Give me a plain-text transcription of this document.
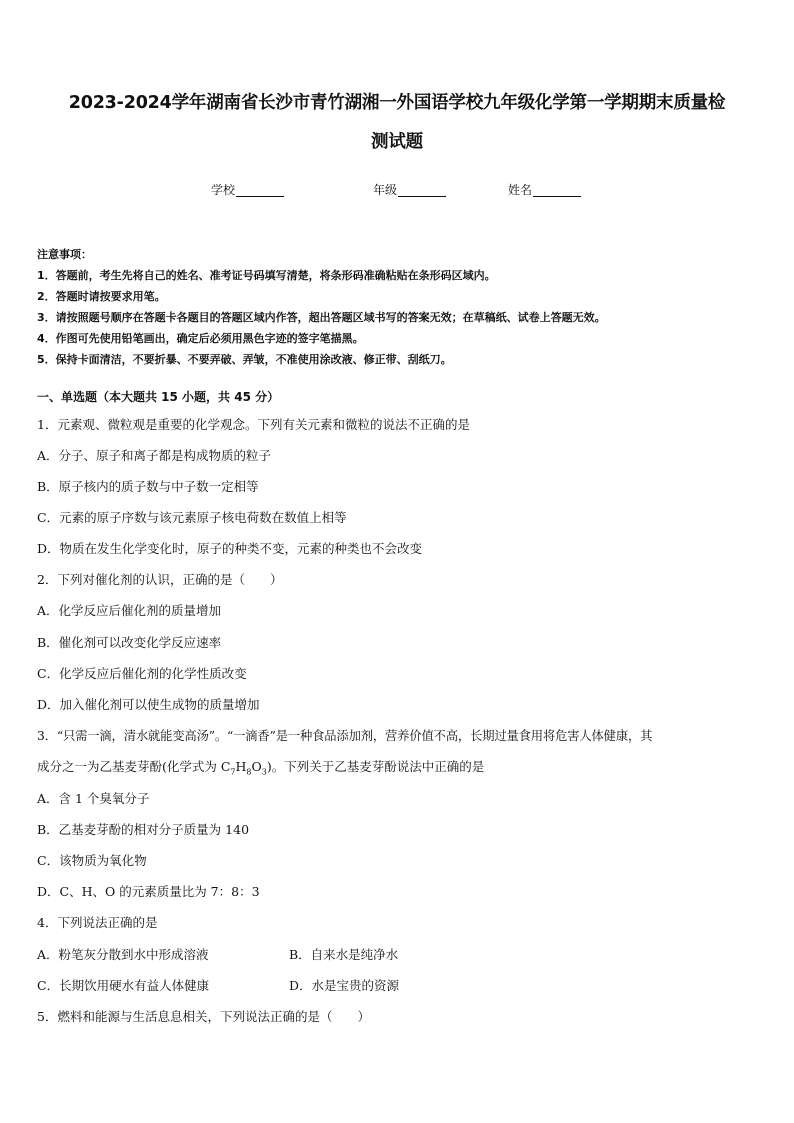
2023-2024学年湖南省长沙市青竹湖湘一外国语学校九年级化学第一学期期末质量检
测试题
学校	年级	姓名
注意事项：
1．答题前，考生先将自己的姓名、准考证号码填写清楚，将条形码准确粘贴在条形码区域内。
2．答题时请按要求用笔。
3．请按照题号顺序在答题卡各题目的答题区域内作答，超出答题区域书写的答案无效；在草稿纸、试卷上答题无效。
4．作图可先使用铅笔画出，确定后必须用黑色字迹的签字笔描黑。
5．保持卡面清洁，不要折暴、不要弄破、弄皱，不准使用涂改液、修正带、刮纸刀。
一、单选题（本大题共 15 小题，共 45 分）
1．元素观、微粒观是重要的化学观念。下列有关元素和微粒的说法不正确的是
A．分子、原子和离子都是构成物质的粒子
B．原子核内的质子数与中子数一定相等
C．元素的原子序数与该元素原子核电荷数在数值上相等
D．物质在发生化学变化时，原子的种类不变，元素的种类也不会改变
2．下列对催化剂的认识，正确的是（　　）
A．化学反应后催化剂的质量增加
B．催化剂可以改变化学反应速率
C．化学反应后催化剂的化学性质改变
D．加入催化剂可以使生成物的质量增加
3．“只需一滴，清水就能变高汤”。“一滴香”是一种食品添加剂，营养价值不高，长期过量食用将危害人体健康，其
成分之一为乙基麦芽酚(化学式为 $C_7H_8O_3$)。下列关于乙基麦芽酚说法中正确的是
A．含 1 个臭氧分子
B．乙基麦芽酚的相对分子质量为 140
C．该物质为氧化物
D．C、H、O 的元素质量比为 7：8：3
4．下列说法正确的是
A．粉笔灰分散到水中形成溶液	B．自来水是纯净水
C．长期饮用硬水有益人体健康	D．水是宝贵的资源
5．燃料和能源与生活息息相关，下列说法正确的是（　　）
